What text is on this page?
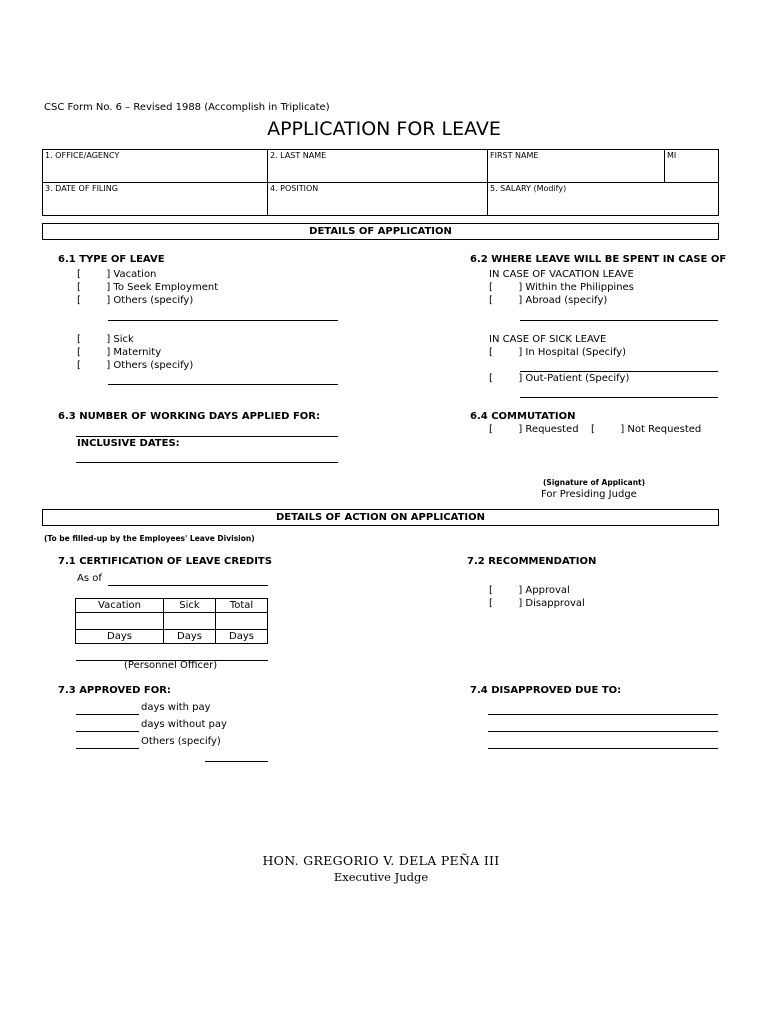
CSC Form No. 6 – Revised 1988 (Accomplish in Triplicate)
APPLICATION FOR LEAVE
1. OFFICE/AGENCY	2. LAST NAME	FIRST NAME	MI
3. DATE OF FILING	4. POSITION	5. SALARY (Modify)
DETAILS OF APPLICATION
6.1 TYPE OF LEAVE
[        ] Vacation
[        ] To Seek Employment
[        ] Others (specify)
[        ] Sick
[        ] Maternity
[        ] Others (specify)
6.2 WHERE LEAVE WILL BE SPENT IN CASE OF
IN CASE OF VACATION LEAVE
[        ] Within the Philippines
[        ] Abroad (specify)
IN CASE OF SICK LEAVE
[        ] In Hospital (Specify)
[        ] Out-Patient (Specify)
6.3 NUMBER OF WORKING DAYS APPLIED FOR:
INCLUSIVE DATES:
6.4 COMMUTATION
[        ] Requested [        ] Not Requested
(Signature of Applicant)
For Presiding Judge
DETAILS OF ACTION ON APPLICATION
(To be filled-up by the Employees' Leave Division)
7.1 CERTIFICATION OF LEAVE CREDITS
As of
Vacation	Sick	Total

Days	Days	Days
(Personnel Officer)
7.2 RECOMMENDATION
[        ] Approval
[        ] Disapproval
7.3 APPROVED FOR:
days with pay
days without pay
Others (specify)
7.4 DISAPPROVED DUE TO:
HON. GREGORIO V. DELA PEÑA III
Executive Judge
